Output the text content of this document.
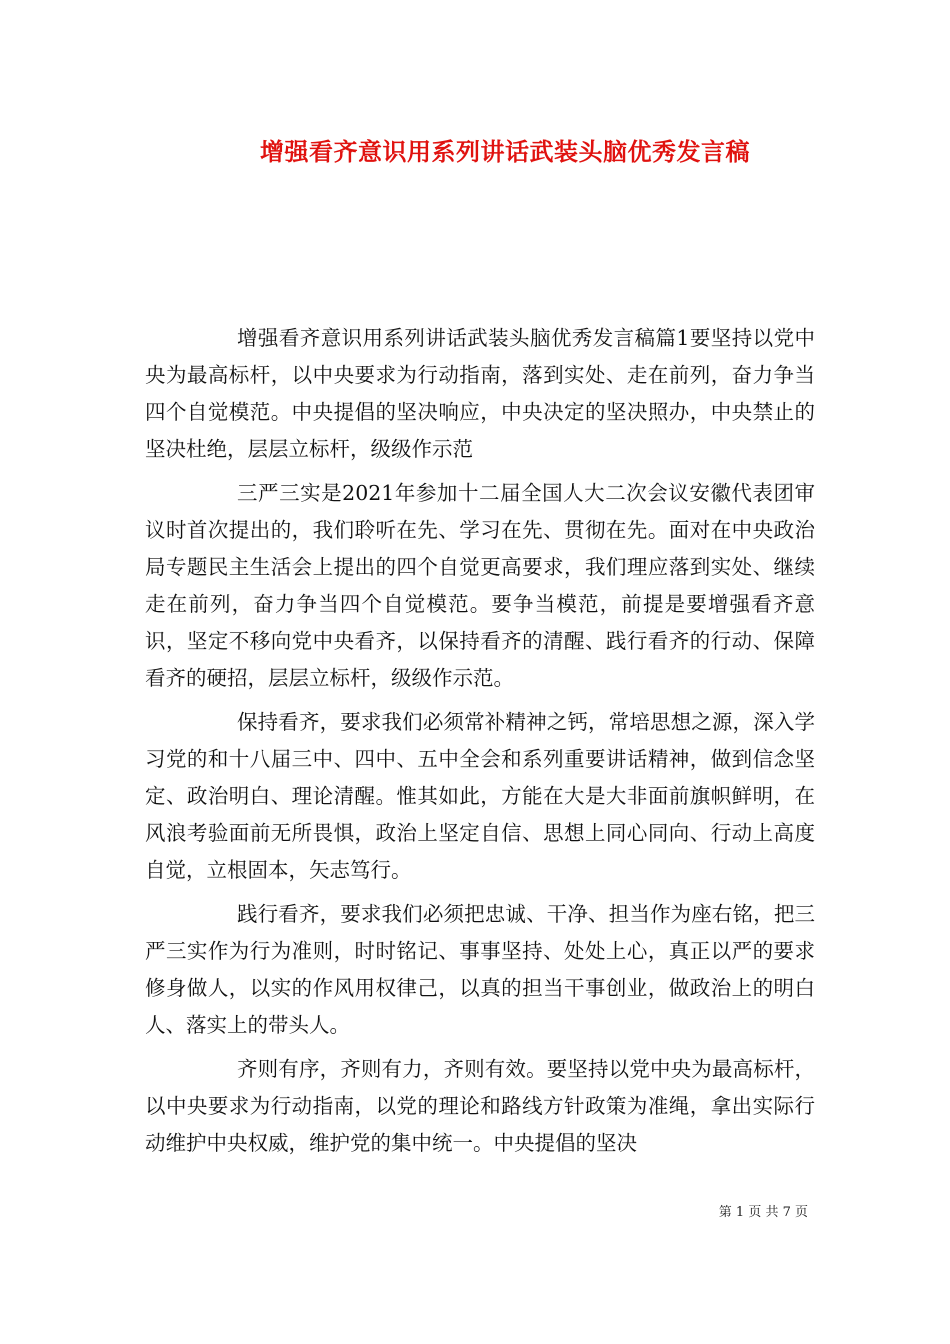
增强看齐意识用系列讲话武装头脑优秀发言稿

增强看齐意识用系列讲话武装头脑优秀发言稿篇1要坚持以党中央为最高标杆，以中央要求为行动指南，落到实处、走在前列，奋力争当四个自觉模范。中央提倡的坚决响应，中央决定的坚决照办，中央禁止的坚决杜绝，层层立标杆，级级作示范

三严三实是2021年参加十二届全国人大二次会议安徽代表团审议时首次提出的，我们聆听在先、学习在先、贯彻在先。面对在中央政治局专题民主生活会上提出的四个自觉更高要求，我们理应落到实处、继续走在前列，奋力争当四个自觉模范。要争当模范，前提是要增强看齐意识，坚定不移向党中央看齐，以保持看齐的清醒、践行看齐的行动、保障看齐的硬招，层层立标杆，级级作示范。

保持看齐，要求我们必须常补精神之钙，常培思想之源，深入学习党的和十八届三中、四中、五中全会和系列重要讲话精神，做到信念坚定、政治明白、理论清醒。惟其如此，方能在大是大非面前旗帜鲜明，在风浪考验面前无所畏惧，政治上坚定自信、思想上同心同向、行动上高度自觉，立根固本，矢志笃行。

践行看齐，要求我们必须把忠诚、干净、担当作为座右铭，把三严三实作为行为准则，时时铭记、事事坚持、处处上心，真正以严的要求修身做人，以实的作风用权律己，以真的担当干事创业，做政治上的明白人、落实上的带头人。

齐则有序，齐则有力，齐则有效。要坚持以党中央为最高标杆，以中央要求为行动指南，以党的理论和路线方针政策为准绳，拿出实际行动维护中央权威，维护党的集中统一。中央提倡的坚决

第 1 页 共 7 页
